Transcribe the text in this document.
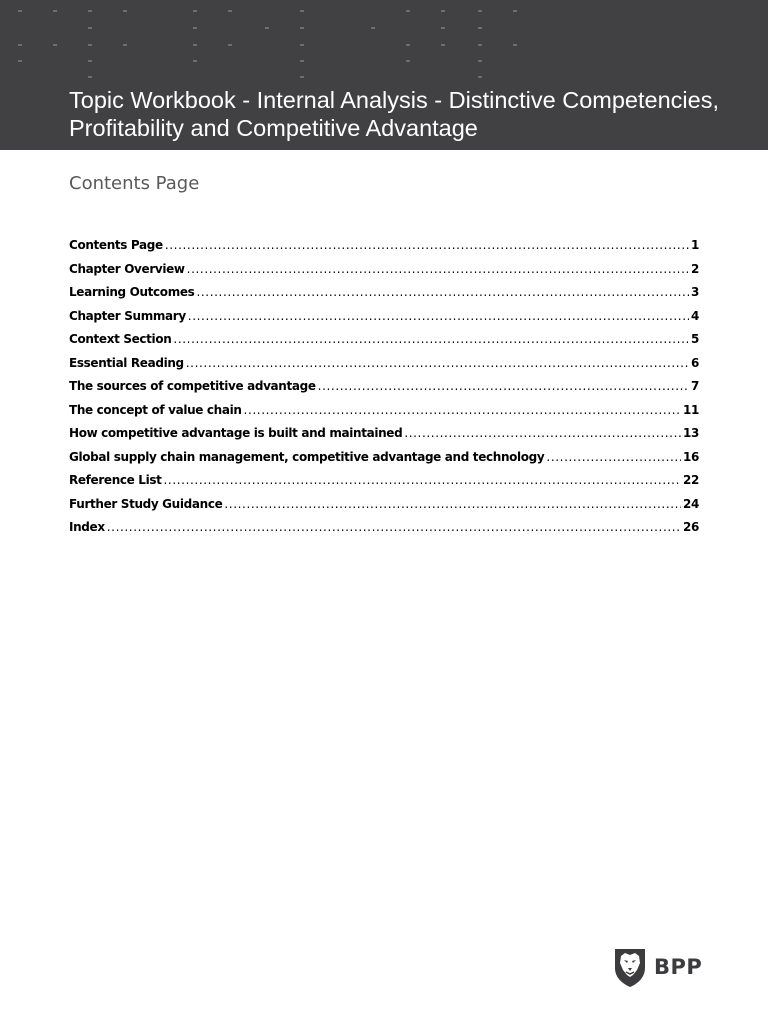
Topic Workbook - Internal Analysis - Distinctive Competencies, Profitability and Competitive Advantage
Contents Page
Contents Page .....	1
Chapter Overview .....	2
Learning Outcomes .....	3
Chapter Summary .....	4
Context Section .....	5
Essential Reading .....	6
The sources of competitive advantage .....	7
The concept of value chain .....	11
How competitive advantage is built and maintained .....	13
Global supply chain management, competitive advantage and technology .....	16
Reference List .....	22
Further Study Guidance .....	24
Index .....	26
BPP
